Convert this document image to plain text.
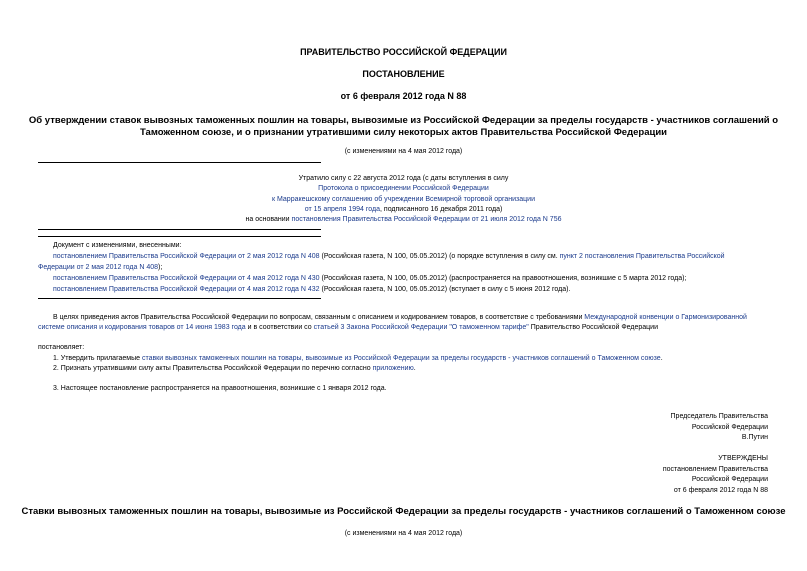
ПРАВИТЕЛЬСТВО РОССИЙСКОЙ ФЕДЕРАЦИИ
ПОСТАНОВЛЕНИЕ
от 6 февраля 2012 года N 88
Об утверждении ставок вывозных таможенных пошлин на товары, вывозимые из Российской Федерации за пределы государств - участников соглашений о
Таможенном союзе, и о признании утратившими силу некоторых актов Правительства Российской Федерации
(с изменениями на 4 мая 2012 года)
Утратило силу с 22 августа 2012 года (с даты вступления в силу
Протокола о присоединении Российской Федерации
к Марракешскому соглашению об учреждении Всемирной торговой организации
от 15 апреля 1994 года, подписанного 16 декабря 2011 года)
на основании постановления Правительства Российской Федерации от 21 июля 2012 года N 756
Документ с изменениями, внесенными:
постановлением Правительства Российской Федерации от 2 мая 2012 года N 408 (Российская газета, N 100, 05.05.2012) (о порядке вступления в силу см. пункт 2 постановления Правительства Российской
Федерации от 2 мая 2012 года N 408);
постановлением Правительства Российской Федерации от 4 мая 2012 года N 430 (Российская газета, N 100, 05.05.2012) (распространяется на правоотношения, возникшие с 5 марта 2012 года);
постановлением Правительства Российской Федерации от 4 мая 2012 года N 432 (Российская газета, N 100, 05.05.2012) (вступает в силу с 5 июня 2012 года).
В целях приведения актов Правительства Российской Федерации по вопросам, связанным с описанием и кодированием товаров, в соответствие с требованиями Международной конвенции о Гармонизированной
системе описания и кодирования товаров от 14 июня 1983 года и в соответствии со статьей 3 Закона Российской Федерации "О таможенном тарифе" Правительство Российской Федерации
постановляет:
1. Утвердить прилагаемые ставки вывозных таможенных пошлин на товары, вывозимые из Российской Федерации за пределы государств - участников соглашений о Таможенном союзе.
2. Признать утратившими силу акты Правительства Российской Федерации по перечню согласно приложению.
3. Настоящее постановление распространяется на правоотношения, возникшие с 1 января 2012 года.
Председатель Правительства
Российской Федерации
В.Путин
УТВЕРЖДЕНЫ
постановлением Правительства
Российской Федерации
от 6 февраля 2012 года N 88
Ставки вывозных таможенных пошлин на товары, вывозимые из Российской Федерации за пределы государств - участников соглашений о Таможенном союзе
(с изменениями на 4 мая 2012 года)
